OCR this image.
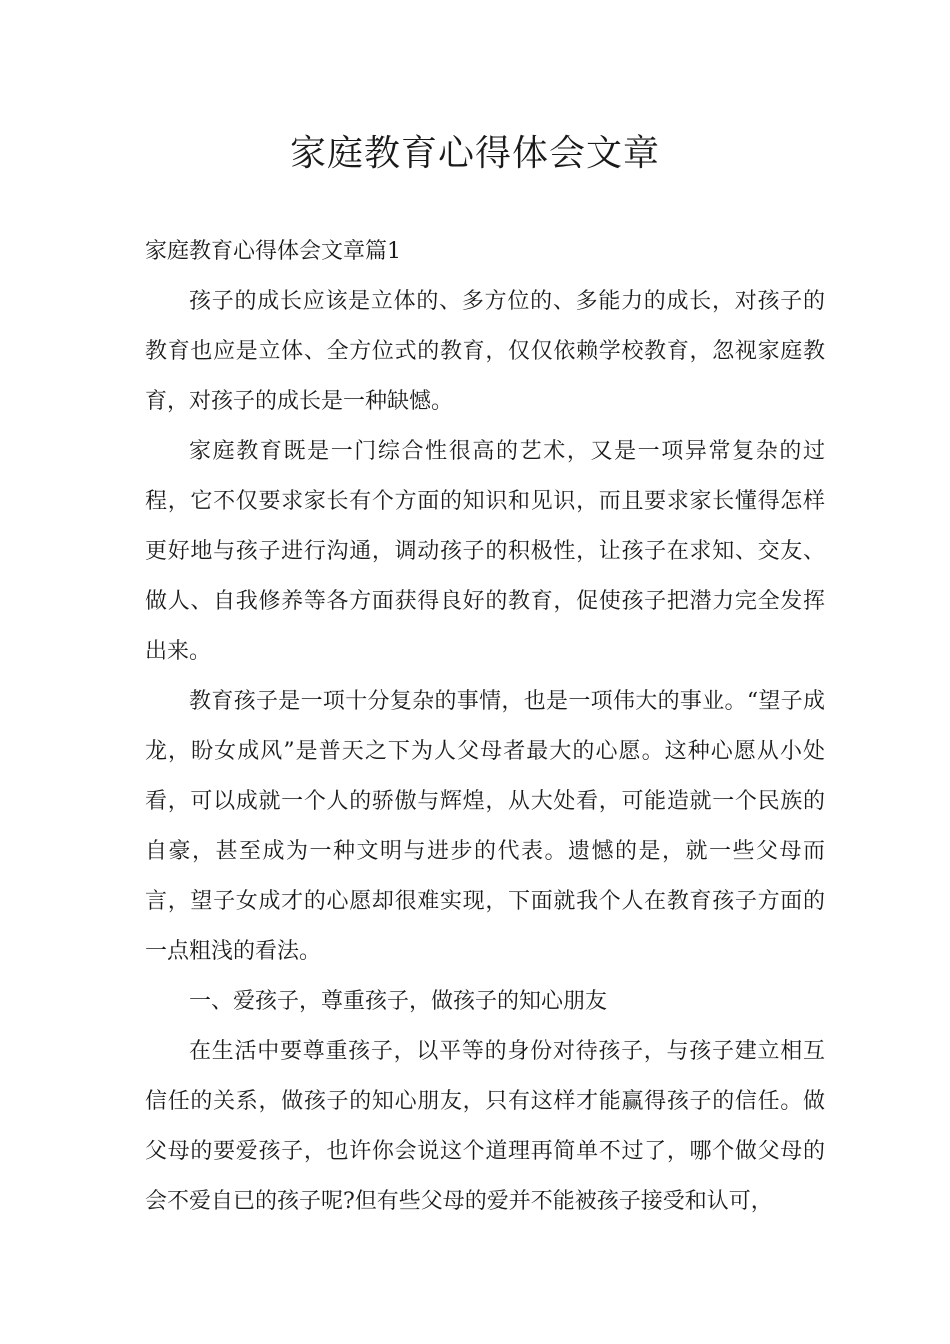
家庭教育心得体会文章

家庭教育心得体会文章篇1

孩子的成长应该是立体的、多方位的、多能力的成长，对孩子的教育也应是立体、全方位式的教育，仅仅依赖学校教育，忽视家庭教育，对孩子的成长是一种缺憾。

家庭教育既是一门综合性很高的艺术，又是一项异常复杂的过程，它不仅要求家长有个方面的知识和见识，而且要求家长懂得怎样更好地与孩子进行沟通，调动孩子的积极性，让孩子在求知、交友、做人、自我修养等各方面获得良好的教育，促使孩子把潜力完全发挥出来。

教育孩子是一项十分复杂的事情，也是一项伟大的事业。“望子成龙，盼女成风”是普天之下为人父母者最大的心愿。这种心愿从小处看，可以成就一个人的骄傲与辉煌，从大处看，可能造就一个民族的自豪，甚至成为一种文明与进步的代表。遗憾的是，就一些父母而言，望子女成才的心愿却很难实现，下面就我个人在教育孩子方面的一点粗浅的看法。

一、爱孩子，尊重孩子，做孩子的知心朋友

在生活中要尊重孩子，以平等的身份对待孩子，与孩子建立相互信任的关系，做孩子的知心朋友，只有这样才能赢得孩子的信任。做父母的要爱孩子，也许你会说这个道理再简单不过了，哪个做父母的会不爱自已的孩子呢?但有些父母的爱并不能被孩子接受和认可，
